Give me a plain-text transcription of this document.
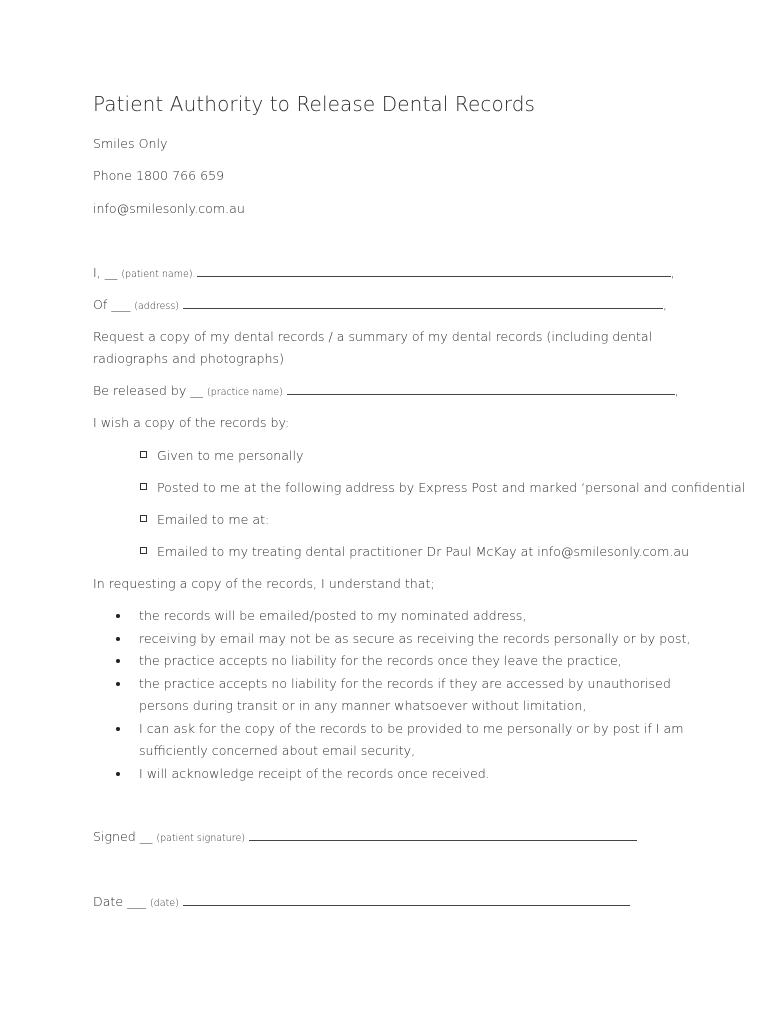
Patient Authority to Release Dental Records
Smiles Only
Phone 1800 766 659
info@smilesonly.com.au
I, __ (patient name)	,
Of ___ (address)	,
Request a copy of my dental records / a summary of my dental records (including dental radiographs and photographs)
Be released by __ (practice name)	,
I wish a copy of the records by:
Given to me personally
Posted to me at the following address by Express Post and marked ‘personal and confidential
Emailed to me at:
Emailed to my treating dental practitioner Dr Paul McKay at info@smilesonly.com.au
In requesting a copy of the records, I understand that;
the records will be emailed/posted to my nominated address,
receiving by email may not be as secure as receiving the records personally or by post,
the practice accepts no liability for the records once they leave the practice,
the practice accepts no liability for the records if they are accessed by unauthorised persons during transit or in any manner whatsoever without limitation,
I can ask for the copy of the records to be provided to me personally or by post if I am sufficiently concerned about email security,
I will acknowledge receipt of the records once received.
Signed __ (patient signature)
Date ___ (date)
